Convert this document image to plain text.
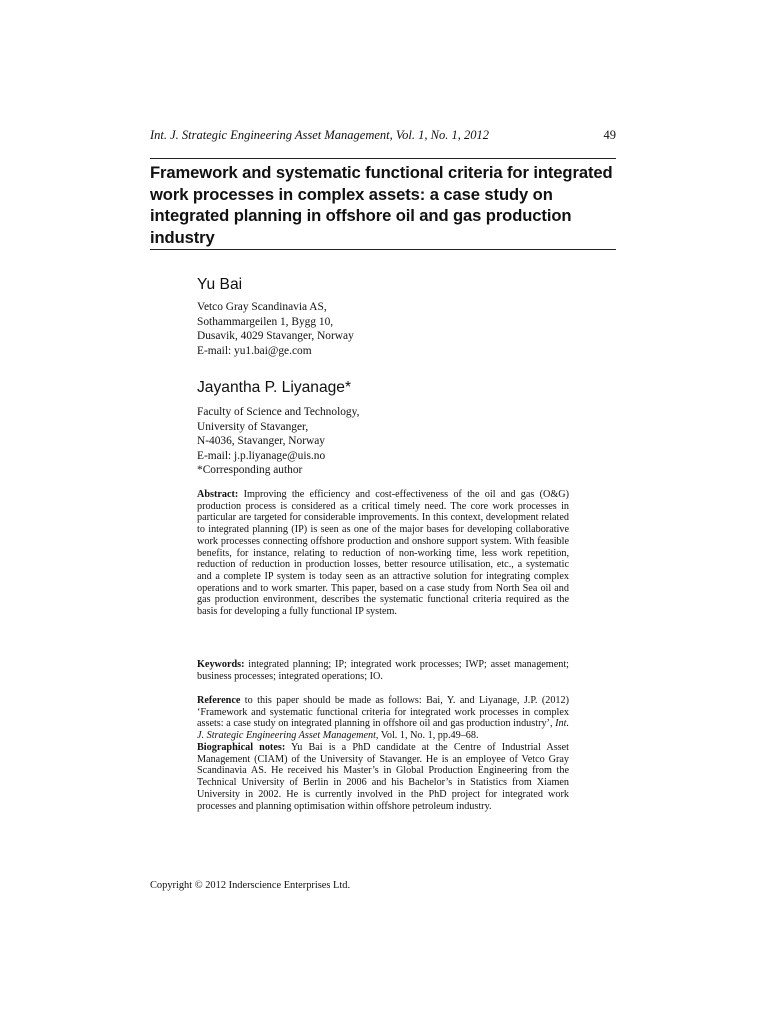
Int. J. Strategic Engineering Asset Management, Vol. 1, No. 1, 2012	49
Framework and systematic functional criteria for integrated work processes in complex assets: a case study on integrated planning in offshore oil and gas production industry
Yu Bai
Vetco Gray Scandinavia AS,
Sothammargeilen 1, Bygg 10,
Dusavik, 4029 Stavanger, Norway
E-mail: yu1.bai@ge.com
Jayantha P. Liyanage*
Faculty of Science and Technology,
University of Stavanger,
N-4036, Stavanger, Norway
E-mail: j.p.liyanage@uis.no
*Corresponding author

Abstract: Improving the efficiency and cost-effectiveness of the oil and gas (O&G) production process is considered as a critical timely need. The core work processes in particular are targeted for considerable improvements. In this context, development related to integrated planning (IP) is seen as one of the major bases for developing collaborative work processes connecting offshore production and onshore support system. With feasible benefits, for instance, relating to reduction of non-working time, less work repetition, reduction of reduction in production losses, better resource utilisation, etc., a systematic and a complete IP system is today seen as an attractive solution for integrating complex operations and to work smarter. This paper, based on a case study from North Sea oil and gas production environment, describes the systematic functional criteria required as the basis for developing a fully functional IP system.

Keywords: integrated planning; IP; integrated work processes; IWP; asset management; business processes; integrated operations; IO.

Reference to this paper should be made as follows: Bai, Y. and Liyanage, J.P. (2012) ‘Framework and systematic functional criteria for integrated work processes in complex assets: a case study on integrated planning in offshore oil and gas production industry’, Int. J. Strategic Engineering Asset Management, Vol. 1, No. 1, pp.49–68.

Biographical notes: Yu Bai is a PhD candidate at the Centre of Industrial Asset Management (CIAM) of the University of Stavanger. He is an employee of Vetco Gray Scandinavia AS. He received his Master’s in Global Production Engineering from the Technical University of Berlin in 2006 and his Bachelor’s in Statistics from Xiamen University in 2002. He is currently involved in the PhD project for integrated work processes and planning optimisation within offshore petroleum industry.

Copyright © 2012 Inderscience Enterprises Ltd.
